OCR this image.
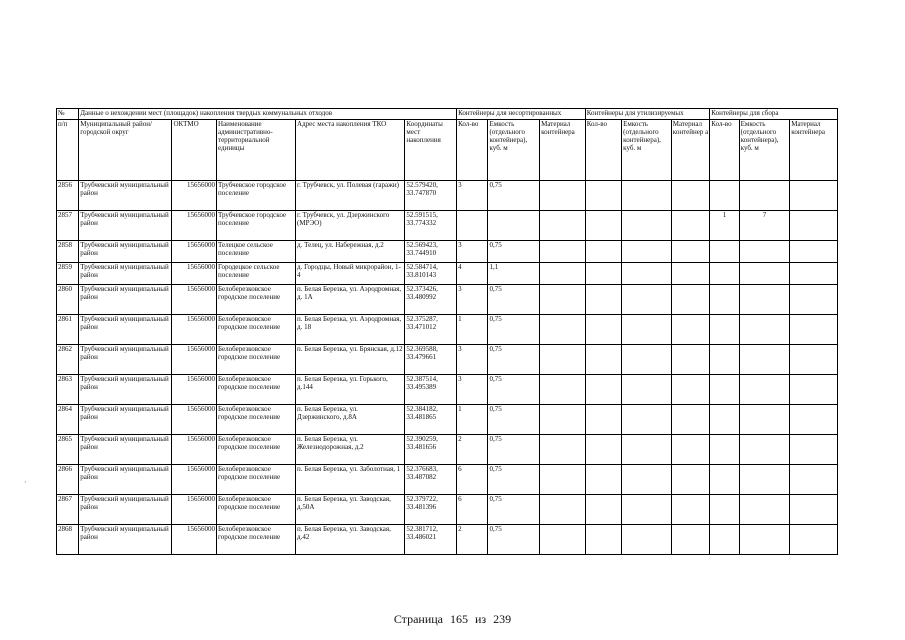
№	Данные о нехождении мест (площадок) накопления твердых коммунальных отходов					Контейнеры для несортированных			Контейнеры для утилизируемых			Контейнеры для сбора		
п/п	Муниципальный район/городской округ	ОКТМО	Наименование административно-территориальной единицы	Адрес места накопления ТКО	Координаты мест накопления	Кол-во	Емкость (отдельного контейнера), куб. м	Материал контейнера	Кол-во	Емкость (отдельного контейнера), куб. м	Материал контейнер а	Кол-во	Емкость (отдельного контейнера), куб. м	Материал контейнера
2856	Трубчевский муниципальный район	15656000	Трубчевское городское поселение	г. Трубчевск, ул. Полевая (гаражи)	52.579420, 33.747870	3	0,75							
2857	Трубчевский муниципальный район	15656000	Трубчевское городское поселение	г. Трубчевск, ул. Дзержинского (МРЭО)	52.591515, 33.774332							1	7	
2858	Трубчевский муниципальный район	15656000	Телецкое сельское поселение	д. Телец, ул. Набережная, д.2	52.569423, 33.744910	3	0,75							
2859	Трубчевский муниципальный район	15656000	Городецкое сельское поселение	д. Городцы, Новый микрорайон, 1-4	52.584714, 33.810143	4	1,1							
2860	Трубчевский муниципальный район	15656000	Белоберезковское городское поселение	п. Белая Березка, ул. Аэродромная, д. 1А	52.373426, 33.480992	3	0,75							
2861	Трубчевский муниципальный район	15656000	Белоберезковское городское поселение	п. Белая Березка, ул. Аэродромная, д. 18	52.375287, 33.471012	1	0,75							
2862	Трубчевский муниципальный район	15656000	Белоберезковское городское поселение	п. Белая Березка, ул. Брянская, д.12	52.369588, 33.479661	3	0,75							
2863	Трубчевский муниципальный район	15656000	Белоберезковское городское поселение	п. Белая Березка, ул. Горького, д.144	52.387514, 33.495389	3	0,75							
2864	Трубчевский муниципальный район	15656000	Белоберезковское городское поселение	п. Белая Березка, ул. Дзержинского, д.8А	52.384182, 33.481865	1	0,75							
2865	Трубчевский муниципальный район	15656000	Белоберезковское городское поселение	п. Белая Березка, ул. Железнодорожная, д.2	52.390259, 33.481656	2	0,75							
2866	Трубчевский муниципальный район	15656000	Белоберезковское городское поселение	п. Белая Березка, ул. Заболотная, 1	52.376683, 33.487082	6	0,75							
2867	Трубчевский муниципальный район	15656000	Белоберезковское городское поселение	п. Белая Березка, ул. Заводская, д.50А	52.379722, 33.481396	6	0,75							
2868	Трубчевский муниципальный район	15656000	Белоберезковское городское поселение	п. Белая Березка, ул. Заводская, д.42	52.381712, 33.486021	2	0,75							
·
Страница 165 из 239
